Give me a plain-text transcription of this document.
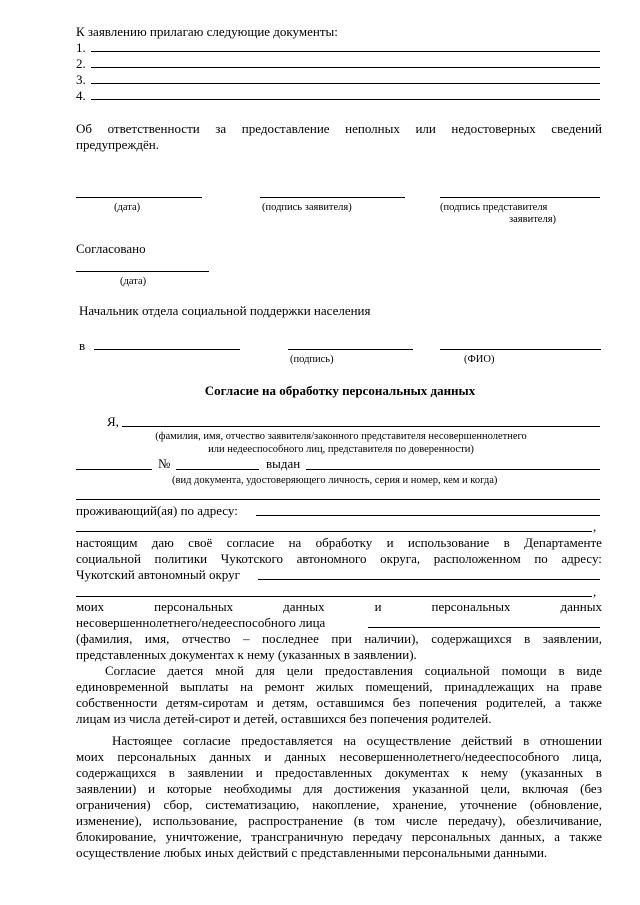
К заявлению прилагаю следующие документы:
1.
2.
3.
4.
Об ответственности за предоставление неполных или недостоверных сведений
предупреждён.
(дата)	(подпись заявителя)	(подпись представителя
заявителя)
Согласовано
(дата)
Начальник отдела социальной поддержки населения
в
(подпись)	(ФИО)
Согласие на обработку персональных данных
Я,
(фамилия, имя, отчество заявителя/законного представителя несовершеннолетнего
или недееспособного лиц, представителя по доверенности)
№	выдан
(вид документа, удостоверяющего личность, серия и номер, кем и когда)
проживающий(ая) по адресу:
,
настоящим даю своё согласие на обработку и использование в Департаменте
социальной политики Чукотского автономного округа, расположенном по адресу:
Чукотский автономный округ
,
моих	персональных	данных	и	персональных	данных
несовершеннолетнего/недееспособного лица
(фамилия, имя, отчество – последнее при наличии), содержащихся в заявлении,
представленных документах к нему (указанных в заявлении).
Согласие дается мной для цели предоставления социальной помощи в виде
единовременной выплаты на ремонт жилых помещений, принадлежащих на праве
собственности детям-сиротам и детям, оставшимся без попечения родителей, а также
лицам из числа детей-сирот и детей, оставшихся без попечения родителей.
Настоящее согласие предоставляется на осуществление действий в отношении
моих персональных данных и данных несовершеннолетнего/недееспособного лица,
содержащихся в заявлении и предоставленных документах к нему (указанных в
заявлении) и которые необходимы для достижения указанной цели, включая (без
ограничения) сбор, систематизацию, накопление, хранение, уточнение (обновление,
изменение), использование, распространение (в том числе передачу), обезличивание,
блокирование, уничтожение, трансграничную передачу персональных данных, а также
осуществление любых иных действий с представленными персональными данными.
